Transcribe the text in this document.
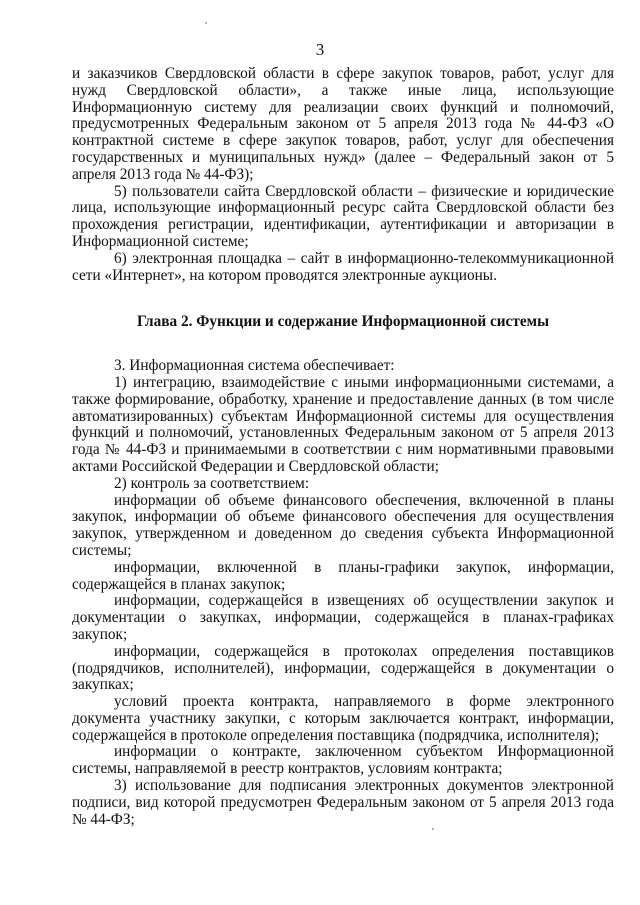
3

и заказчиков Свердловской области в сфере закупок товаров, работ, услуг для нужд Свердловской области», а также иные лица, использующие Информационную систему для реализации своих функций и полномочий, предусмотренных Федеральным законом от 5 апреля 2013 года № 44-ФЗ «О контрактной системе в сфере закупок товаров, работ, услуг для обеспечения государственных и муниципальных нужд» (далее – Федеральный закон от 5 апреля 2013 года № 44-ФЗ);

5) пользователи сайта Свердловской области – физические и юридические лица, использующие информационный ресурс сайта Свердловской области без прохождения регистрации, идентификации, аутентификации и авторизации в Информационной системе;

6) электронная площадка – сайт в информационно-телекоммуникационной сети «Интернет», на котором проводятся электронные аукционы.

Глава 2. Функции и содержание Информационной системы

3. Информационная система обеспечивает:

1) интеграцию, взаимодействие с иными информационными системами, а также формирование, обработку, хранение и предоставление данных (в том числе автоматизированных) субъектам Информационной системы для осуществления функций и полномочий, установленных Федеральным законом от 5 апреля 2013 года № 44-ФЗ и принимаемыми в соответствии с ним нормативными правовыми актами Российской Федерации и Свердловской области;

2) контроль за соответствием:

информации об объеме финансового обеспечения, включенной в планы закупок, информации об объеме финансового обеспечения для осуществления закупок, утвержденном и доведенном до сведения субъекта Информационной системы;

информации, включенной в планы-графики закупок, информации, содержащейся в планах закупок;

информации, содержащейся в извещениях об осуществлении закупок и документации о закупках, информации, содержащейся в планах-графиках закупок;

информации, содержащейся в протоколах определения поставщиков (подрядчиков, исполнителей), информации, содержащейся в документации о закупках;

условий проекта контракта, направляемого в форме электронного документа участнику закупки, с которым заключается контракт, информации, содержащейся в протоколе определения поставщика (подрядчика, исполнителя);

информации о контракте, заключенном субъектом Информационной системы, направляемой в реестр контрактов, условиям контракта;

3) использование для подписания электронных документов электронной подписи, вид которой предусмотрен Федеральным законом от 5 апреля 2013 года № 44-ФЗ;
